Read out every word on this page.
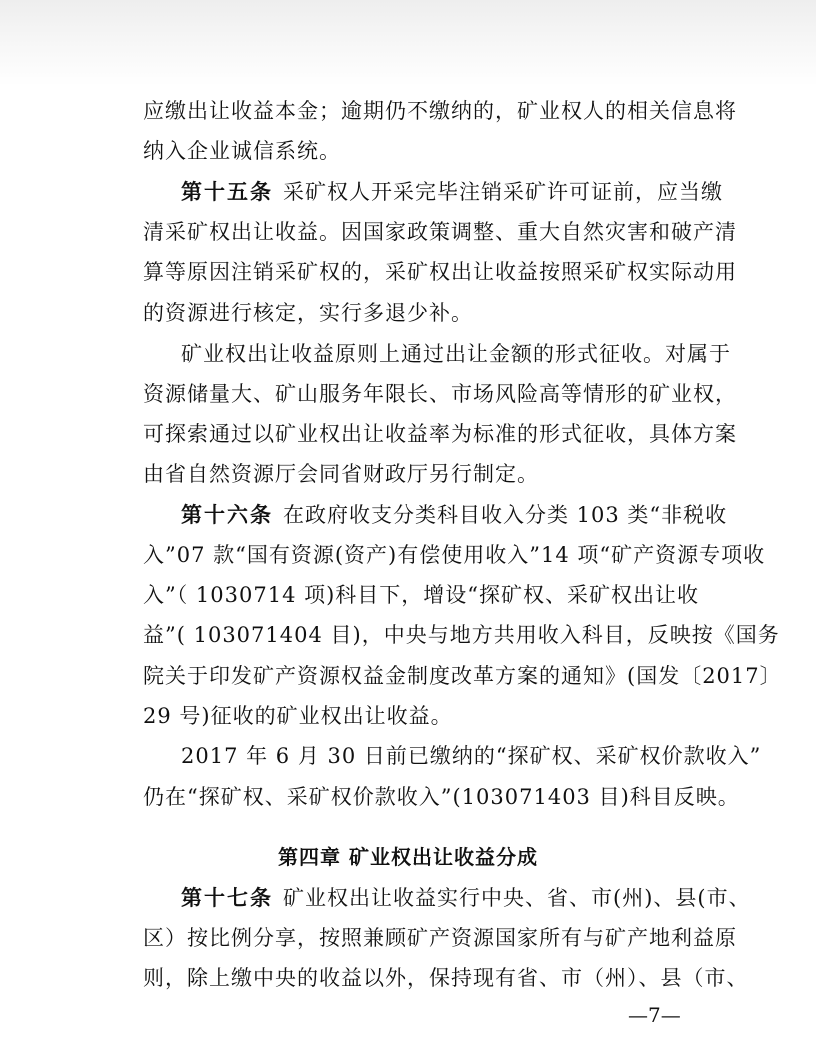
应缴出让收益本金；逾期仍不缴纳的，矿业权人的相关信息将
纳入企业诚信系统。
第十五条 采矿权人开采完毕注销采矿许可证前，应当缴
清采矿权出让收益。因国家政策调整、重大自然灾害和破产清
算等原因注销采矿权的，采矿权出让收益按照采矿权实际动用
的资源进行核定，实行多退少补。
矿业权出让收益原则上通过出让金额的形式征收。对属于
资源储量大、矿山服务年限长、市场风险高等情形的矿业权，
可探索通过以矿业权出让收益率为标准的形式征收，具体方案
由省自然资源厅会同省财政厅另行制定。
第十六条 在政府收支分类科目收入分类 103 类“非税收
入”07 款“国有资源(资产)有偿使用收入”14 项“矿产资源专项收
入”（ 1030714 项)科目下，增设“探矿权、采矿权出让收
益”( 103071404 目)，中央与地方共用收入科目，反映按《国务
院关于印发矿产资源权益金制度改革方案的通知》(国发〔2017〕
29 号)征收的矿业权出让收益。
2017 年 6 月 30 日前已缴纳的“探矿权、采矿权价款收入”
仍在“探矿权、采矿权价款收入”(103071403 目)科目反映。
第四章 矿业权出让收益分成
第十七条 矿业权出让收益实行中央、省、市(州)、县(市、
区）按比例分享，按照兼顾矿产资源国家所有与矿产地利益原
则，除上缴中央的收益以外，保持现有省、市（州）、县（市、
—7—
